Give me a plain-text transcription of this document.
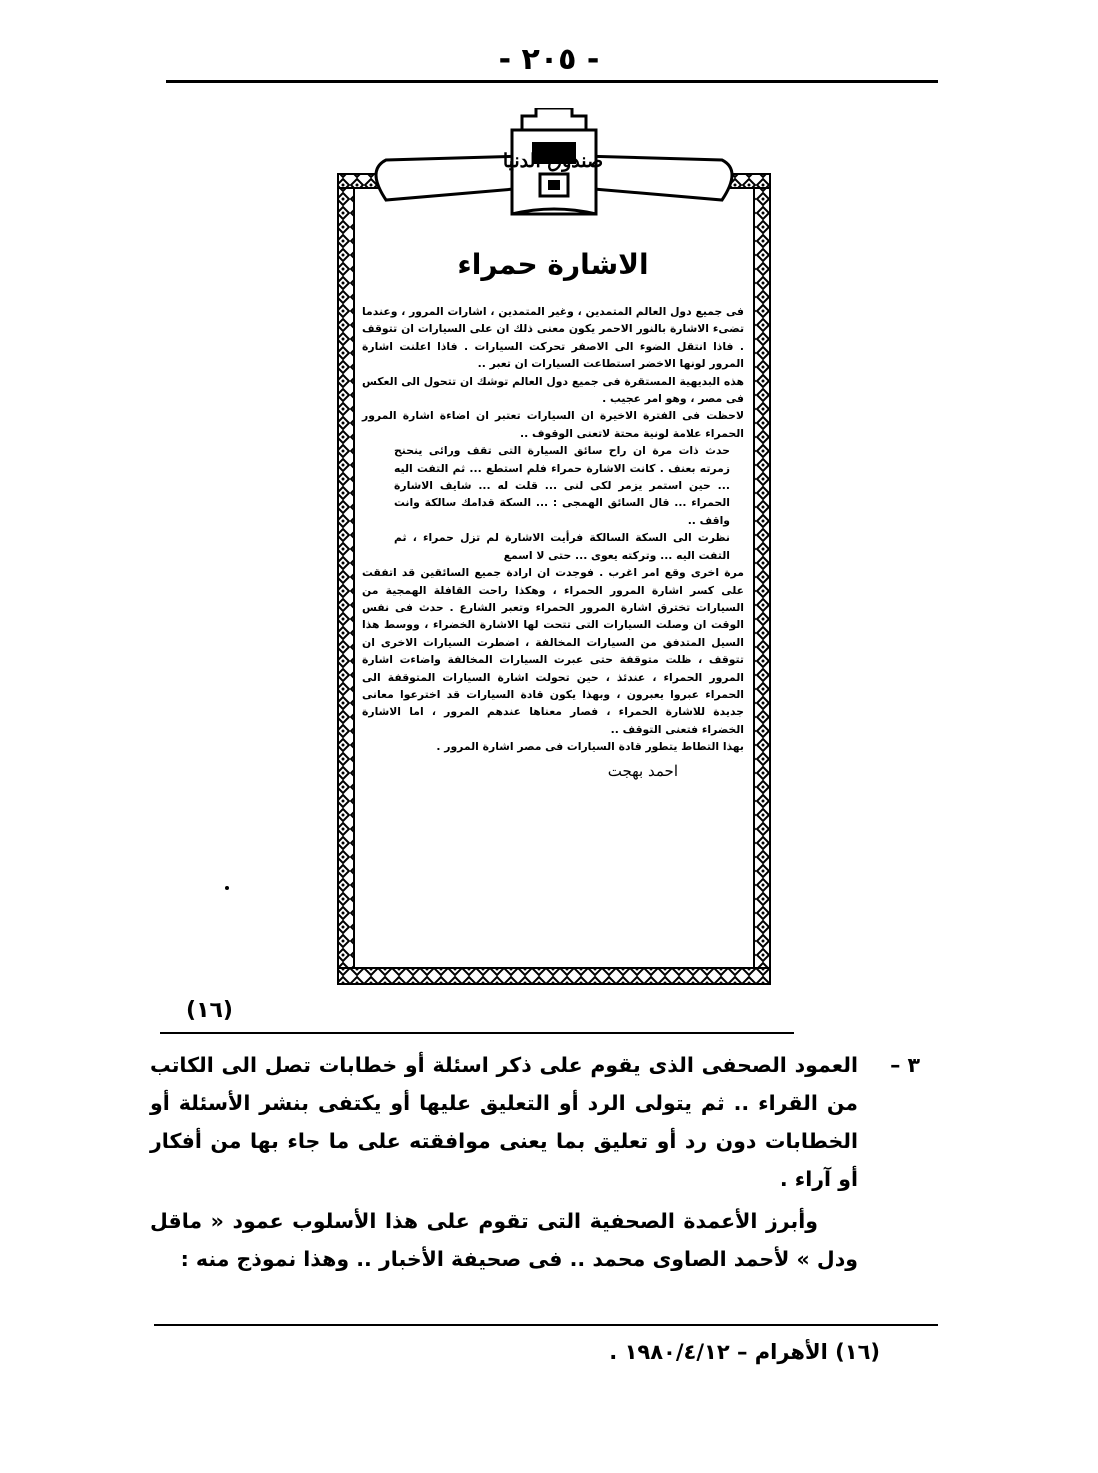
- ٢٠٥ -
صندوق الدنيا
الاشارة حمراء

فى جميع دول العالم المتمدين ، وغير المتمدين ، اشارات المرور ، وعندما تضىء الاشارة بالنور الاحمر يكون معنى ذلك ان على السيارات ان تتوقف . فاذا انتقل الضوء الى الاصفر تحركت السيارات . فاذا اعلنت اشارة المرور لونها الاخضر استطاعت السيارات ان تعبر ..

هذه البديهية المستقرة فى جميع دول العالم توشك ان تتحول الى العكس فى مصر ، وهو امر عجيب .

لاحظت فى الفترة الاخيرة ان السيارات تعتبر ان اضاءة اشارة المرور الحمراء علامة لونية محتة لاتعنى الوقوف ..

حدث ذات مرة ان راح سائق السيارة التى تقف ورائى ينحنح زمرته بعنف . كانت الاشارة حمراء فلم استطع ... ثم التفت اليه ... حين استمر يزمر لكى لنى ... قلت له ... شايف الاشارة الحمراء ... قال السائق الهمجى : ... السكة قدامك سالكة وانت واقف ..

نظرت الى السكة السالكة فرأيت الاشارة لم تزل حمراء ، ثم التفت اليه ... وتركته يعوى ... حتى لا اسمع

مرة اخرى وقع امر اغرب . فوجدت ان ارادة جميع السائقين قد اتفقت على كسر اشارة المرور الحمراء ، وهكذا راحت القافلة الهمجية من السيارات تخترق اشارة المرور الحمراء وتعبر الشارع . حدث فى نفس الوقت ان وصلت السيارات التى تتحت لها الاشارة الخضراء ، ووسط هذا السيل المتدفق من السيارات المخالفة ، اضطرت السيارات الاخرى ان تتوقف ، ظلت متوقفة حتى عبرت السيارات المخالفة واضاءت اشارة المرور الحمراء ، عندئذ ، حين تحولت اشارة السيارات المتوقفة الى الحمراء عبروا يعبرون ، وبهذا يكون قادة السيارات قد اخترعوا معانى جديدة للاشارة الحمراء ، فصار معناها عندهم المرور ، اما الاشارة الخضراء فتعنى التوقف ..

بهذا التطاط يتطور قادة السيارات فى مصر اشارة المرور .

احمد بهجت
(١٦)
٣ –
العمود الصحفى الذى يقوم على ذكر اسئلة أو خطابات تصل الى الكاتب من القراء .. ثم يتولى الرد أو التعليق عليها أو يكتفى بنشر الأسئلة أو الخطابات دون رد أو تعليق بما يعنى موافقته على ما جاء بها من أفكار أو آراء .
وأبرز الأعمدة الصحفية التى تقوم على هذا الأسلوب عمود « ماقل ودل » لأحمد الصاوى محمد .. فى صحيفة الأخبار .. وهذا نموذج منه :
(١٦) الأهرام – ١٩٨٠/٤/١٢ .
